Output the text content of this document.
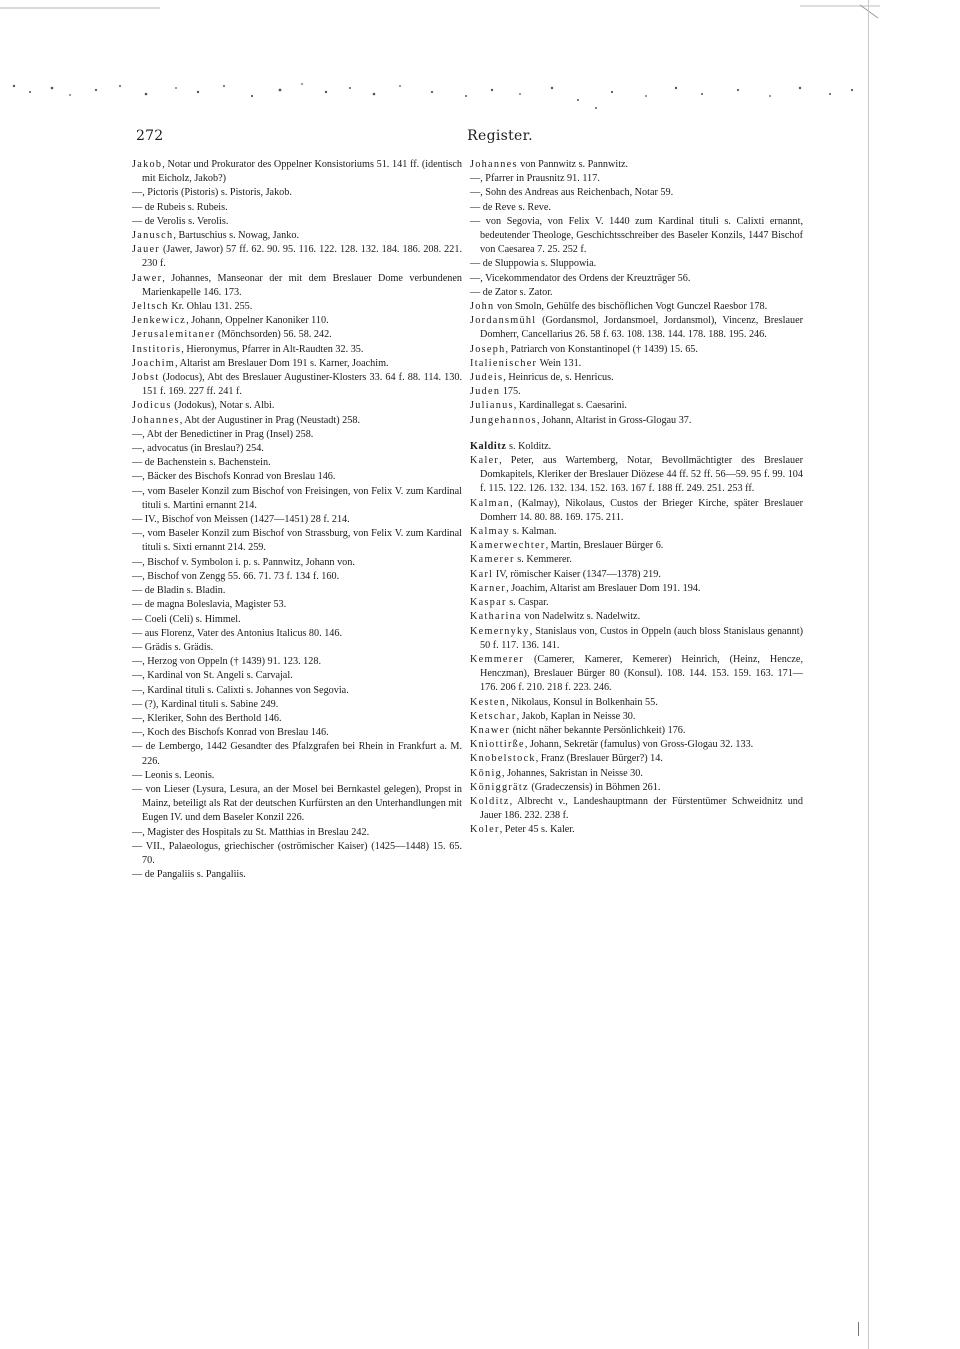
272	Register.

Jakob, Notar und Prokurator des Oppelner Konsistoriums 51. 141 ff. (identisch mit Eicholz, Jakob?)

—, Pictoris (Pistoris) s. Pistoris, Jakob.

— de Rubeis s. Rubeis.

— de Verolis s. Verolis.

Janusch, Bartuschius s. Nowag, Janko.

Jauer (Jawer, Jawor) 57 ff. 62. 90. 95. 116. 122. 128. 132. 184. 186. 208. 221. 230 f.

Jawer, Johannes, Manseonar der mit dem Breslauer Dome verbundenen Marienkapelle 146. 173.

Jeltsch Kr. Ohlau 131. 255.

Jenkewicz, Johann, Oppelner Kanoniker 110.

Jerusalemitaner (Mönchsorden) 56. 58. 242.

Institoris, Hieronymus, Pfarrer in Alt-Raudten 32. 35.

Joachim, Altarist am Breslauer Dom 191 s. Karner, Joachim.

Jobst (Jodocus), Abt des Breslauer Augustiner-Klosters 33. 64 f. 88. 114. 130. 151 f. 169. 227 ff. 241 f.

Jodicus (Jodokus), Notar s. Albi.

Johannes, Abt der Augustiner in Prag (Neustadt) 258.

—, Abt der Benedictiner in Prag (Insel) 258.

—, advocatus (in Breslau?) 254.

— de Bachenstein s. Bachenstein.

—, Bäcker des Bischofs Konrad von Breslau 146.

—, vom Baseler Konzil zum Bischof von Freisingen, von Felix V. zum Kardinal tituli s. Martini ernannt 214.

— IV., Bischof von Meissen (1427—1451) 28 f. 214.

—, vom Baseler Konzil zum Bischof von Strassburg, von Felix V. zum Kardinal tituli s. Sixti ernannt 214. 259.

—, Bischof v. Symbolon i. p. s. Pannwitz, Johann von.

—, Bischof von Zengg 55. 66. 71. 73 f. 134 f. 160.

— de Bladin s. Bladin.

— de magna Boleslavia, Magister 53.

— Coeli (Celi) s. Himmel.

— aus Florenz, Vater des Antonius Italicus 80. 146.

— Grädis s. Grädis.

—, Herzog von Oppeln († 1439) 91. 123. 128.

—, Kardinal von St. Angeli s. Carvajal.

—, Kardinal tituli s. Calixti s. Johannes von Segovia.

— (?), Kardinal tituli s. Sabine 249.

—, Kleriker, Sohn des Berthold 146.

—, Koch des Bischofs Konrad von Breslau 146.

— de Lembergo, 1442 Gesandter des Pfalzgrafen bei Rhein in Frankfurt a. M. 226.

— Leonis s. Leonis.

— von Lieser (Lysura, Lesura, an der Mosel bei Bernkastel gelegen), Propst in Mainz, beteiligt als Rat der deutschen Kurfürsten an den Unterhandlungen mit Eugen IV. und dem Baseler Konzil 226.

—, Magister des Hospitals zu St. Matthias in Breslau 242.

— VII., Palaeologus, griechischer (oströmischer Kaiser) (1425—1448) 15. 65. 70.

— de Pangaliis s. Pangaliis.

Johannes von Pannwitz s. Pannwitz.

—, Pfarrer in Prausnitz 91. 117.

—, Sohn des Andreas aus Reichenbach, Notar 59.

— de Reve s. Reve.

— von Segovia, von Felix V. 1440 zum Kardinal tituli s. Calixti ernannt, bedeutender Theologe, Geschichtsschreiber des Baseler Konzils, 1447 Bischof von Caesarea 7. 25. 252 f.

— de Sluppowia s. Sluppowia.

—, Vicekommendator des Ordens der Kreuzträger 56.

— de Zator s. Zator.

John von Smoln, Gehülfe des bischöflichen Vogt Gunczel Raesbor 178.

Jordansmühl (Gordansmol, Jordansmoel, Jordansmol), Vincenz, Breslauer Domherr, Cancellarius 26. 58 f. 63. 108. 138. 144. 178. 188. 195. 246.

Joseph, Patriarch von Konstantinopel († 1439) 15. 65.

Italienischer Wein 131.

Judeis, Heinricus de, s. Henricus.

Juden 175.

Julianus, Kardinallegat s. Caesarini.

Jungehannos, Johann, Altarist in Gross-Glogau 37.

Kalditz s. Kolditz.

Kaler, Peter, aus Wartemberg, Notar, Bevollmächtigter des Breslauer Domkapitels, Kleriker der Breslauer Diözese 44 ff. 52 ff. 56—59. 95 f. 99. 104 f. 115. 122. 126. 132. 134. 152. 163. 167 f. 188 ff. 249. 251. 253 ff.

Kalman, (Kalmay), Nikolaus, Custos der Brieger Kirche, später Breslauer Domherr 14. 80. 88. 169. 175. 211.

Kalmay s. Kalman.

Kamerwechter, Martin, Breslauer Bürger 6.

Kamerer s. Kemmerer.

Karl IV, römischer Kaiser (1347—1378) 219.

Karner, Joachim, Altarist am Breslauer Dom 191. 194.

Kaspar s. Caspar.

Katharina von Nadelwitz s. Nadelwitz.

Kemernyky, Stanislaus von, Custos in Oppeln (auch bloss Stanislaus genannt) 50 f. 117. 136. 141.

Kemmerer (Camerer, Kamerer, Kemerer) Heinrich, (Heinz, Hencze, Henczman), Breslauer Bürger 80 (Konsul). 108. 144. 153. 159. 163. 171—176. 206 f. 210. 218 f. 223. 246.

Kesten, Nikolaus, Konsul in Bolkenhain 55.

Ketschar, Jakob, Kaplan in Neisse 30.

Knawer (nicht näher bekannte Persönlichkeit) 176.

Kniottirße, Johann, Sekretär (famulus) von Gross-Glogau 32. 133.

Knobelstock, Franz (Breslauer Bürger?) 14.

Kōnig, Johannes, Sakristan in Neisse 30.

Königgrätz (Gradeczensis) in Böhmen 261.

Kolditz, Albrecht v., Landeshauptmann der Fürstentümer Schweidnitz und Jauer 186. 232. 238 f.

Koler, Peter 45 s. Kaler.
